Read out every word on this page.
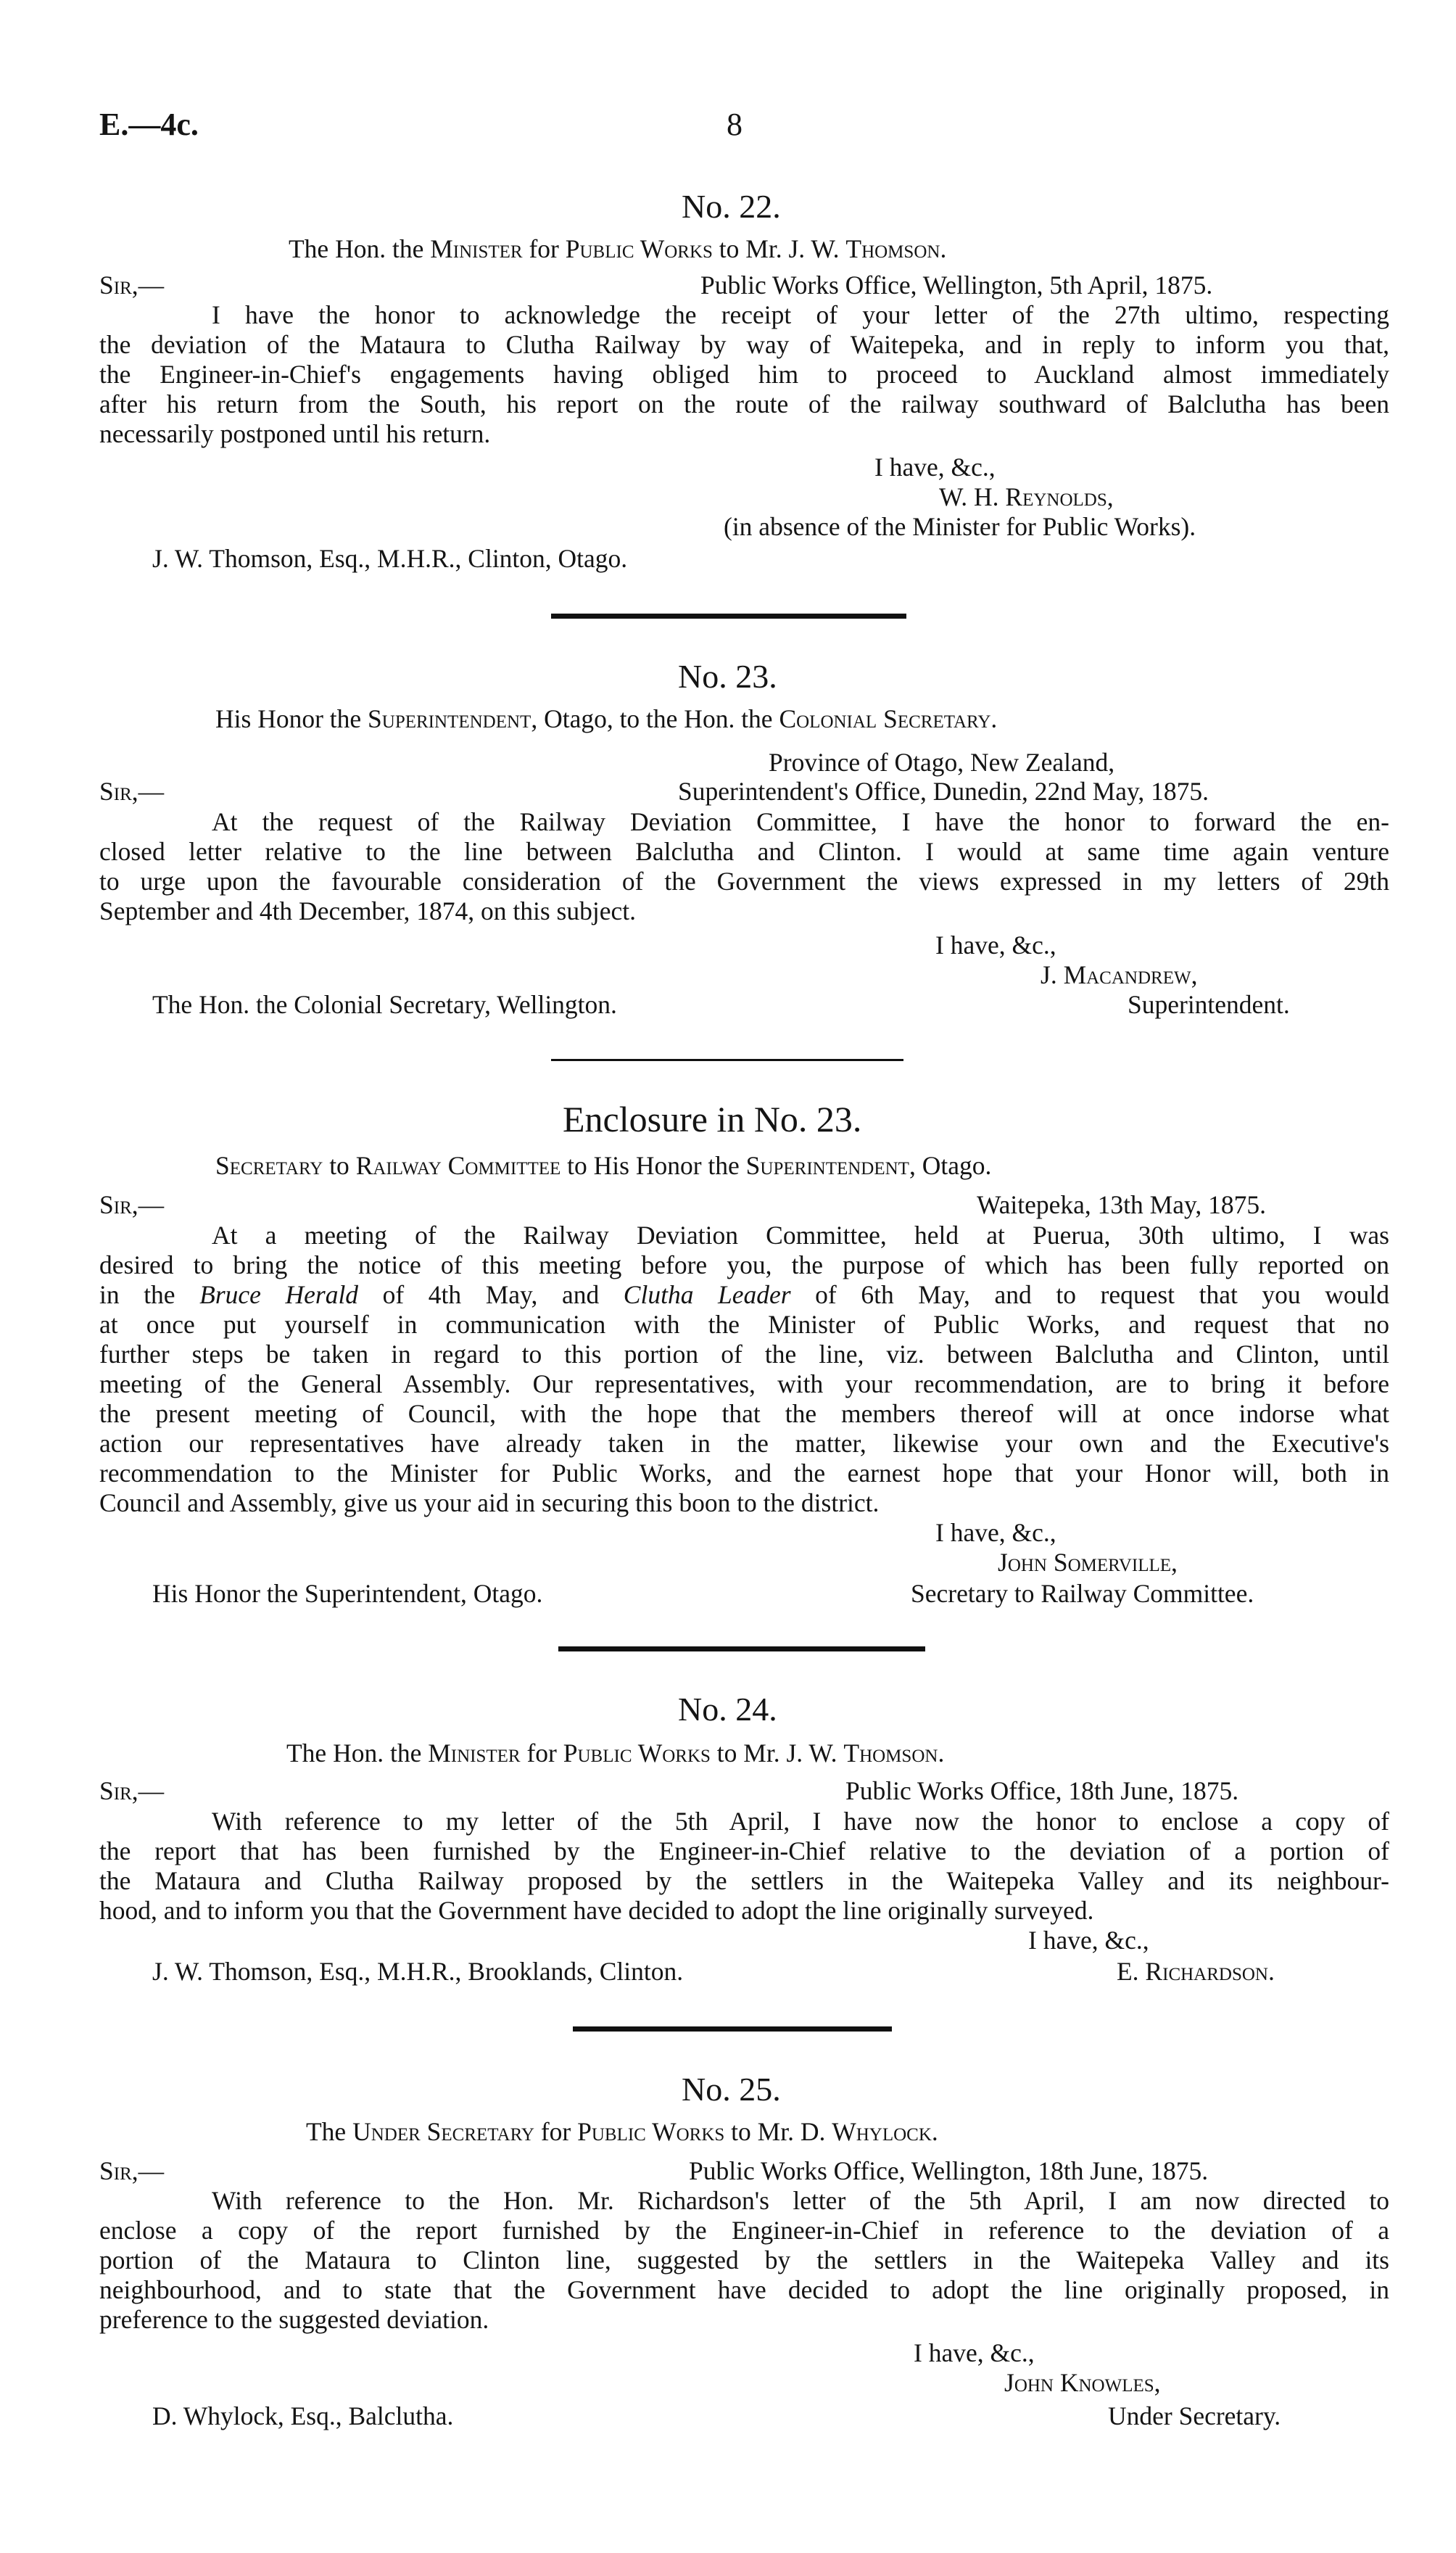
E.—4c.	8
No. 22.
The Hon. the Minister for Public Works to Mr. J. W. Thomson.
Sir,—	Public Works Office, Wellington, 5th April, 1875.
I have the honor to acknowledge the receipt of your letter of the 27th ultimo, respecting
the deviation of the Mataura to Clutha Railway by way of Waitepeka, and in reply to inform you that,
the Engineer-in-Chief's engagements having obliged him to proceed to Auckland almost immediately
after his return from the South, his report on the route of the railway southward of Balclutha has been
necessarily postponed until his return.
I have, &c.,
W. H. Reynolds,
(in absence of the Minister for Public Works).
J. W. Thomson, Esq., M.H.R., Clinton, Otago.
No. 23.
His Honor the Superintendent, Otago, to the Hon. the Colonial Secretary.
Province of Otago, New Zealand,
Sir,—	Superintendent's Office, Dunedin, 22nd May, 1875.
At the request of the Railway Deviation Committee, I have the honor to forward the en-
closed letter relative to the line between Balclutha and Clinton. I would at same time again venture
to urge upon the favourable consideration of the Government the views expressed in my letters of 29th
September and 4th December, 1874, on this subject.
I have, &c.,
J. Macandrew,
The Hon. the Colonial Secretary, Wellington.	Superintendent.
Enclosure in No. 23.
Secretary to Railway Committee to His Honor the Superintendent, Otago.
Sir,—	Waitepeka, 13th May, 1875.
At a meeting of the Railway Deviation Committee, held at Puerua, 30th ultimo, I was
desired to bring the notice of this meeting before you, the purpose of which has been fully reported on
in the Bruce Herald of 4th May, and Clutha Leader of 6th May, and to request that you would
at once put yourself in communication with the Minister of Public Works, and request that no
further steps be taken in regard to this portion of the line, viz. between Balclutha and Clinton, until
meeting of the General Assembly. Our representatives, with your recommendation, are to bring it before
the present meeting of Council, with the hope that the members thereof will at once indorse what
action our representatives have already taken in the matter, likewise your own and the Executive's
recommendation to the Minister for Public Works, and the earnest hope that your Honor will, both in
Council and Assembly, give us your aid in securing this boon to the district.
I have, &c.,
John Somerville,
His Honor the Superintendent, Otago.	Secretary to Railway Committee.
No. 24.
The Hon. the Minister for Public Works to Mr. J. W. Thomson.
Sir,—	Public Works Office, 18th June, 1875.
With reference to my letter of the 5th April, I have now the honor to enclose a copy of
the report that has been furnished by the Engineer-in-Chief relative to the deviation of a portion of
the Mataura and Clutha Railway proposed by the settlers in the Waitepeka Valley and its neighbour-
hood, and to inform you that the Government have decided to adopt the line originally surveyed.
I have, &c.,
J. W. Thomson, Esq., M.H.R., Brooklands, Clinton.	E. Richardson.
No. 25.
The Under Secretary for Public Works to Mr. D. Whylock.
Sir,—	Public Works Office, Wellington, 18th June, 1875.
With reference to the Hon. Mr. Richardson's letter of the 5th April, I am now directed to
enclose a copy of the report furnished by the Engineer-in-Chief in reference to the deviation of a
portion of the Mataura to Clinton line, suggested by the settlers in the Waitepeka Valley and its
neighbourhood, and to state that the Government have decided to adopt the line originally proposed, in
preference to the suggested deviation.
I have, &c.,
John Knowles,
D. Whylock, Esq., Balclutha.	Under Secretary.
